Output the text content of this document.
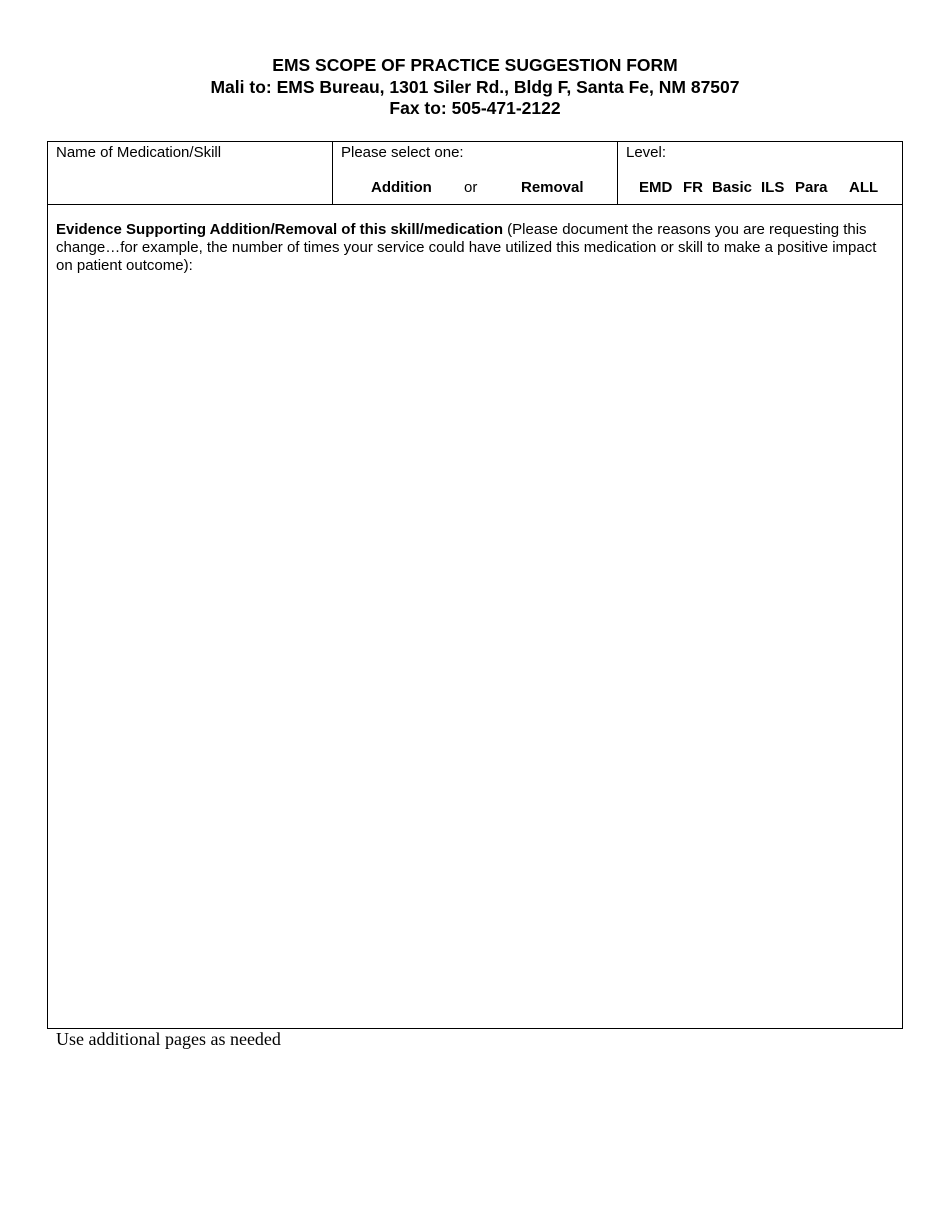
EMS SCOPE OF PRACTICE SUGGESTION FORM
Mali to: EMS Bureau, 1301 Siler Rd., Bldg F, Santa Fe, NM 87507
Fax to: 505-471-2122
Name of Medication/Skill	Please select one:
Addition or	Removal
Level:
EMD FR Basic ILS Para ALL
Evidence Supporting Addition/Removal of this skill/medication (Please document the reasons you are requesting this change…for example, the number of times your service could have utilized this medication or skill to make a positive impact on patient outcome):
Use additional pages as needed
